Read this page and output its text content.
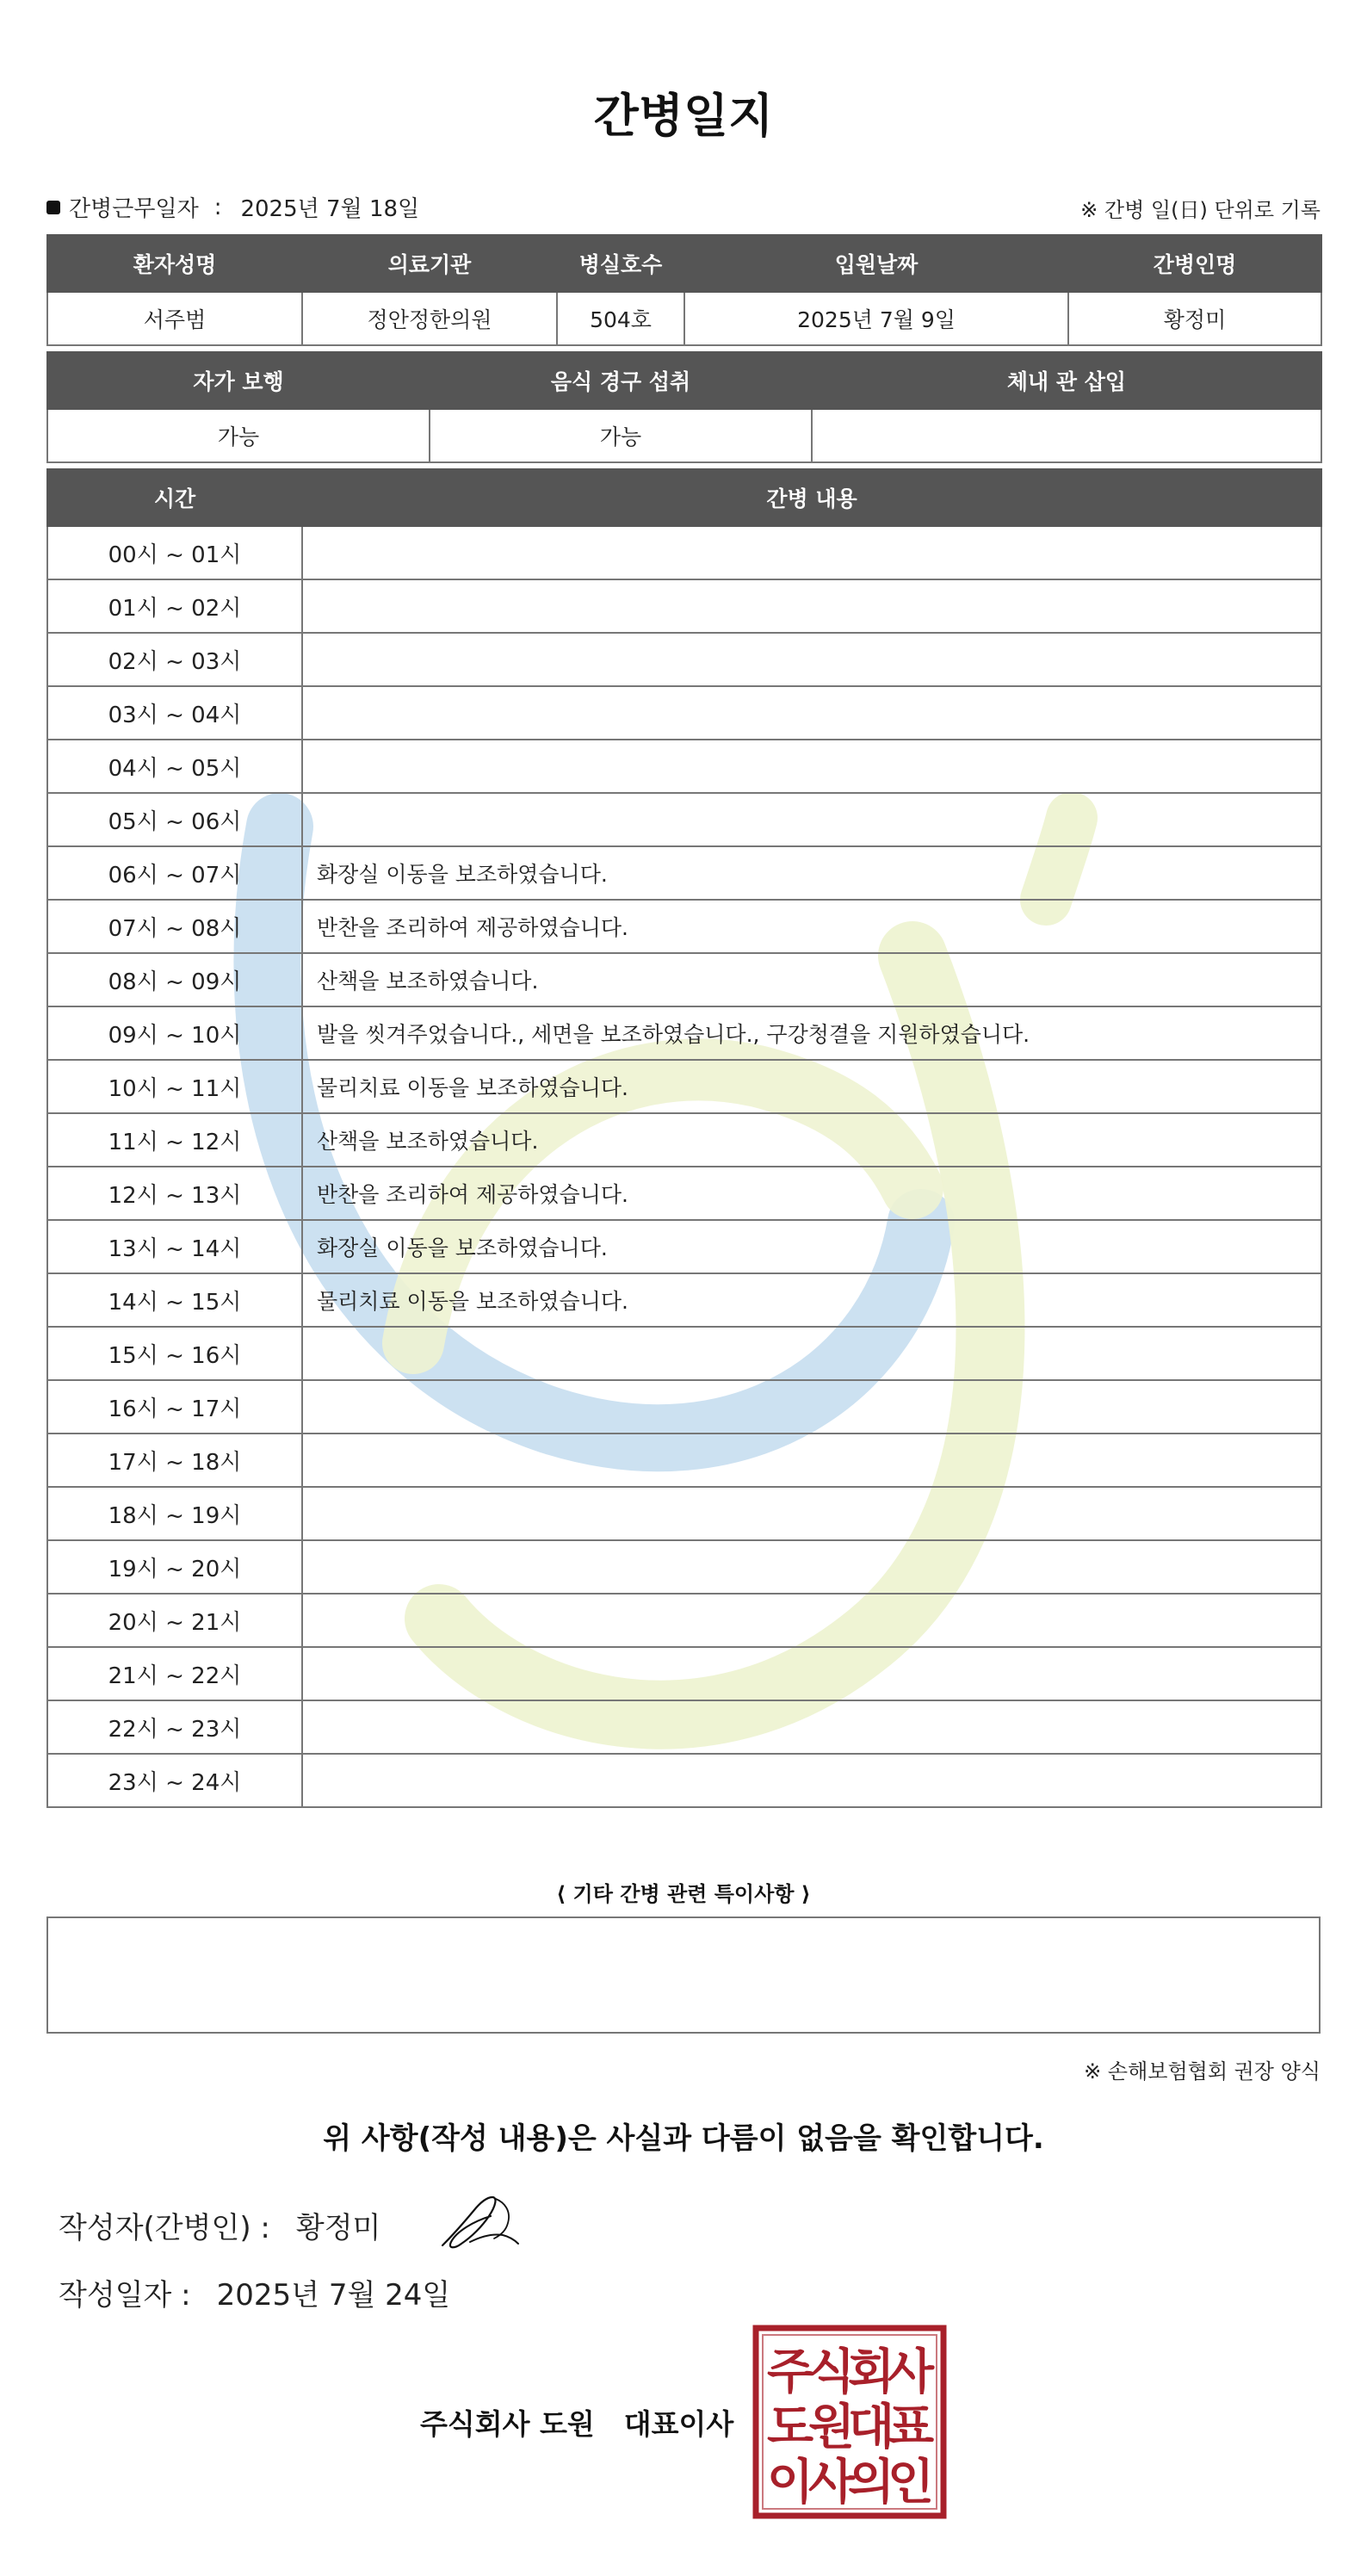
간병일지
간병근무일자 : 2025년 7월 18일	※ 간병 일(日) 단위로 기록
환자성명	의료기관	병실호수	입원날짜	간병인명
서주범	정안정한의원	504호	2025년 7월 9일	황정미
자가 보행	음식 경구 섭취	체내 관 삽입
가능	가능	
시간	간병 내용
00시 ~ 01시	
01시 ~ 02시	
02시 ~ 03시	
03시 ~ 04시	
04시 ~ 05시	
05시 ~ 06시	
06시 ~ 07시	화장실 이동을 보조하였습니다.
07시 ~ 08시	반찬을 조리하여 제공하였습니다.
08시 ~ 09시	산책을 보조하였습니다.
09시 ~ 10시	발을 씻겨주었습니다., 세면을 보조하였습니다., 구강청결을 지원하였습니다.
10시 ~ 11시	물리치료 이동을 보조하였습니다.
11시 ~ 12시	산책을 보조하였습니다.
12시 ~ 13시	반찬을 조리하여 제공하였습니다.
13시 ~ 14시	화장실 이동을 보조하였습니다.
14시 ~ 15시	물리치료 이동을 보조하였습니다.
15시 ~ 16시	
16시 ~ 17시	
17시 ~ 18시	
18시 ~ 19시	
19시 ~ 20시	
20시 ~ 21시	
21시 ~ 22시	
22시 ~ 23시	
23시 ~ 24시	
⟨ 기타 간병 관련 특이사항 ⟩
※ 손해보험협회 권장 양식
위 사항(작성 내용)은 사실과 다름이 없음을 확인합니다.
작성자(간병인) : 황정미
작성일자 : 2025년 7월 24일
주식회사 도원 대표이사
주
식
회
사
도
원
대
표
이
사
의
인
